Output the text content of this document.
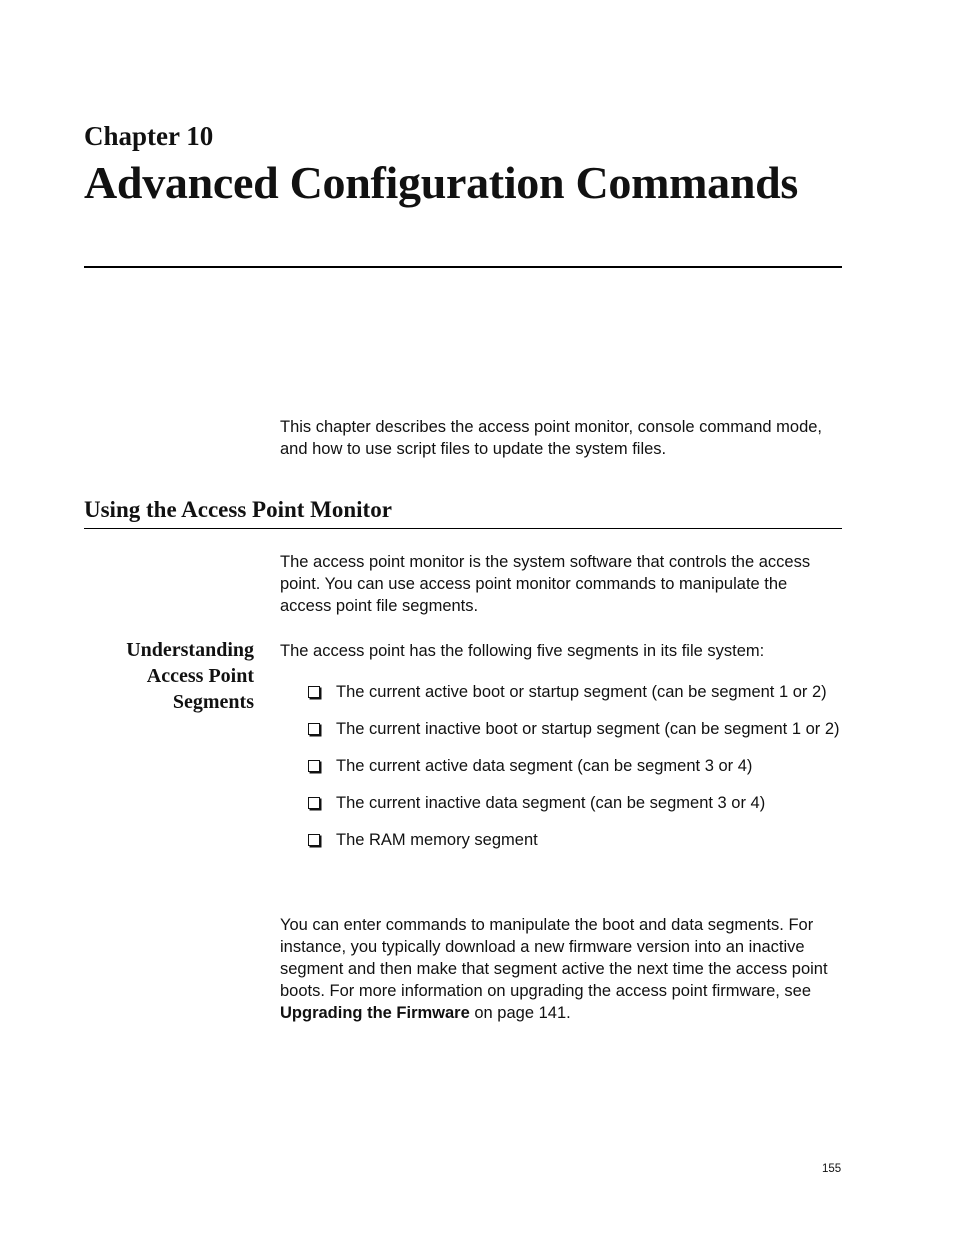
Chapter 10
Advanced Configuration Commands

This chapter describes the access point monitor, console command mode, and how to use script files to update the system files.

Using the Access Point Monitor

The access point monitor is the system software that controls the access point. You can use access point monitor commands to manipulate the access point file segments.

Understanding Access Point Segments

The access point has the following five segments in its file system:

The current active boot or startup segment (can be segment 1 or 2)
The current inactive boot or startup segment (can be segment 1 or 2)
The current active data segment (can be segment 3 or 4)
The current inactive data segment (can be segment 3 or 4)
The RAM memory segment

You can enter commands to manipulate the boot and data segments. For instance, you typically download a new firmware version into an inactive segment and then make that segment active the next time the access point boots. For more information on upgrading the access point firmware, see Upgrading the Firmware on page 141.

155
